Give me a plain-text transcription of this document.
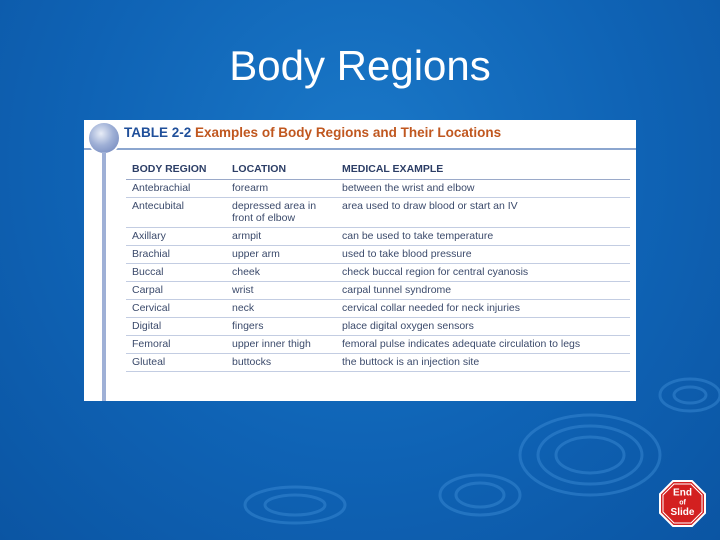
Body Regions
TABLE 2-2 Examples of Body Regions and Their Locations
BODY REGION	LOCATION	MEDICAL EXAMPLE
Antebrachial	forearm	between the wrist and elbow
Antecubital	depressed area in front of elbow	area used to draw blood or start an IV
Axillary	armpit	can be used to take temperature
Brachial	upper arm	used to take blood pressure
Buccal	cheek	check buccal region for central cyanosis
Carpal	wrist	carpal tunnel syndrome
Cervical	neck	cervical collar needed for neck injuries
Digital	fingers	place digital oxygen sensors
Femoral	upper inner thigh	femoral pulse indicates adequate circulation to legs
Gluteal	buttocks	the buttock is an injection site
End
of
Slide
